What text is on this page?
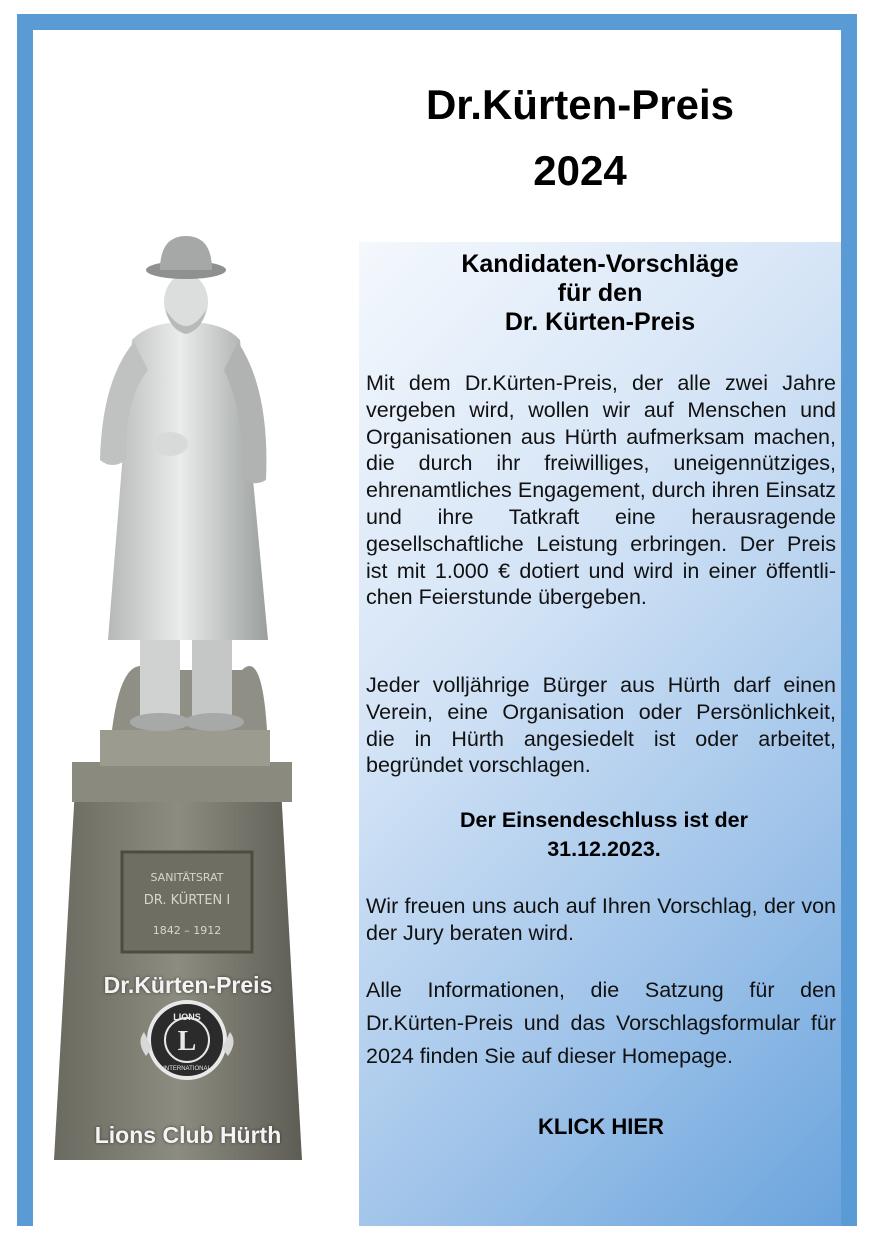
Dr.Kürten-Preis
2024
Kandidaten-Vorschläge
für den
Dr. Kürten-Preis
Mit dem Dr.Kürten-Preis, der alle zwei Jahre vergeben wird, wollen wir auf Menschen und Organisationen aus Hürth aufmerksam machen, die durch ihr freiwilliges, uneigennütziges, ehrenamtliches Engagement, durch ihren Einsatz und ihre Tatkraft eine herausragende gesellschaftliche Leistung erbringen. Der Preis ist mit 1.000 € dotiert und wird in einer öffentlichen Feierstunde übergeben.
Jeder volljährige Bürger aus Hürth darf einen Verein, eine Organisation oder Persönlichkeit, die in Hürth angesiedelt ist oder arbeitet, begründet vorschlagen.
Der Einsendeschluss ist der
31.12.2023.
Wir freuen uns auch auf Ihren Vorschlag, der von der Jury beraten wird.
Alle Informationen, die Satzung für den Dr.Kürten-Preis und das Vorschlagsformular für 2024 finden Sie auf dieser Homepage.
KLICK HIER
SANITÄTSRAT
DR. KÜRTEN I
1842 – 1912
L
LIONS
INTERNATIONAL
Dr.Kürten-Preis
Lions Club Hürth
